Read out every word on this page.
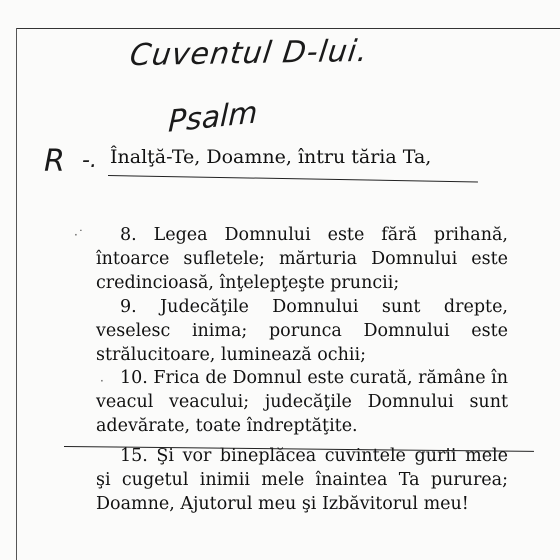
Cuventul D-lui.
Psalm
R -. Înalţă-Te, Doamne, întru tăria Ta,
·˙
·

8. Legea Domnului este fără prihană, întoarce sufletele; mărturia Domnului este credincioasă, înţelepţeşte pruncii;

9. Judecăţile Domnului sunt drepte, veselesc inima; porunca Domnului este strălucitoare, luminează ochii;

10. Frica de Domnul este curată, rămâne în veacul veacului; judecăţile Domnului sunt adevărate, toate îndreptăţite.

15. Şi vor bineplăcea cuvintele gurii mele şi cugetul inimii mele înaintea Ta pururea; Doamne, Ajutorul meu şi Izbăvitorul meu!
